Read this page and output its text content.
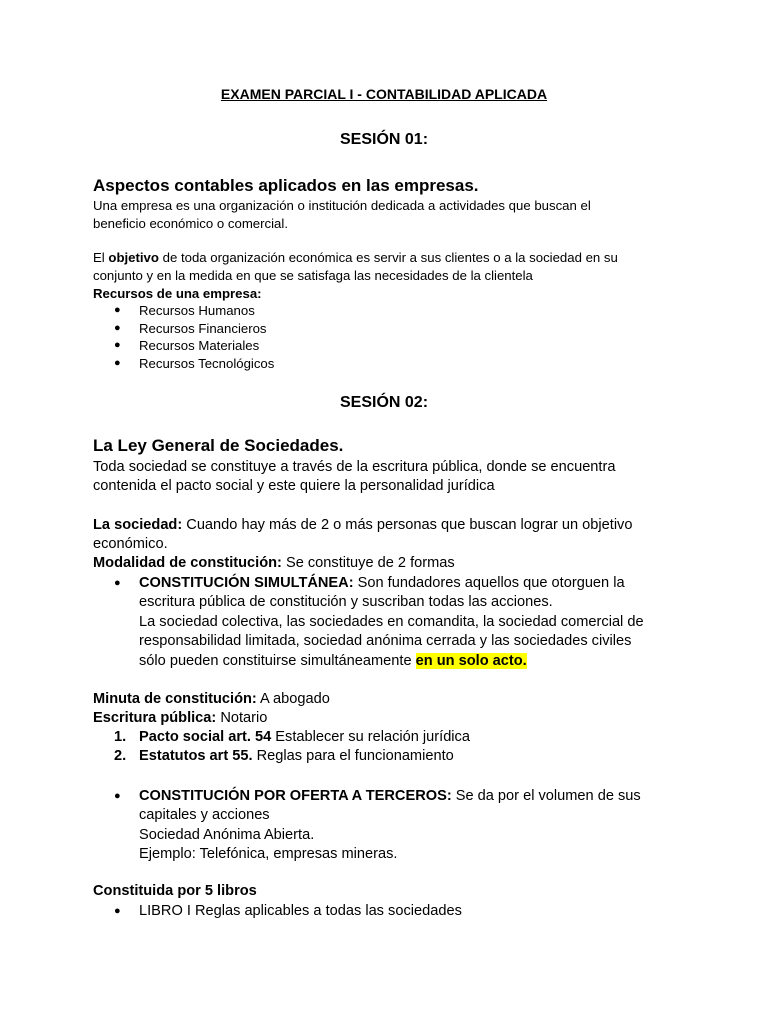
EXAMEN PARCIAL I - CONTABILIDAD APLICADA

SESIÓN 01:

Aspectos contables aplicados en las empresas.

Una empresa es una organización o institución dedicada a actividades que buscan el

beneficio económico o comercial.

El objetivo de toda organización económica es servir a sus clientes o a la sociedad en su

conjunto y en la medida en que se satisfaga las necesidades de la clientela

Recursos de una empresa:

● Recursos Humanos

● Recursos Financieros

● Recursos Materiales

● Recursos Tecnológicos

SESIÓN 02:

La Ley General de Sociedades.

Toda sociedad se constituye a través de la escritura pública, donde se encuentra

contenida el pacto social y este quiere la personalidad jurídica

La sociedad: Cuando hay más de 2 o más personas que buscan lograr un objetivo

económico.

Modalidad de constitución: Se constituye de 2 formas

● CONSTITUCIÓN SIMULTÁNEA: Son fundadores aquellos que otorguen la

escritura pública de constitución y suscriban todas las acciones.

La sociedad colectiva, las sociedades en comandita, la sociedad comercial de

responsabilidad limitada, sociedad anónima cerrada y las sociedades civiles

sólo pueden constituirse simultáneamente en un solo acto.

Minuta de constitución: A abogado

Escritura pública: Notario

1. Pacto social art. 54 Establecer su relación jurídica

2. Estatutos art 55. Reglas para el funcionamiento

● CONSTITUCIÓN POR OFERTA A TERCEROS: Se da por el volumen de sus

capitales y acciones

Sociedad Anónima Abierta.

Ejemplo: Telefónica, empresas mineras.

Constituida por 5 libros

● LIBRO I Reglas aplicables a todas las sociedades
